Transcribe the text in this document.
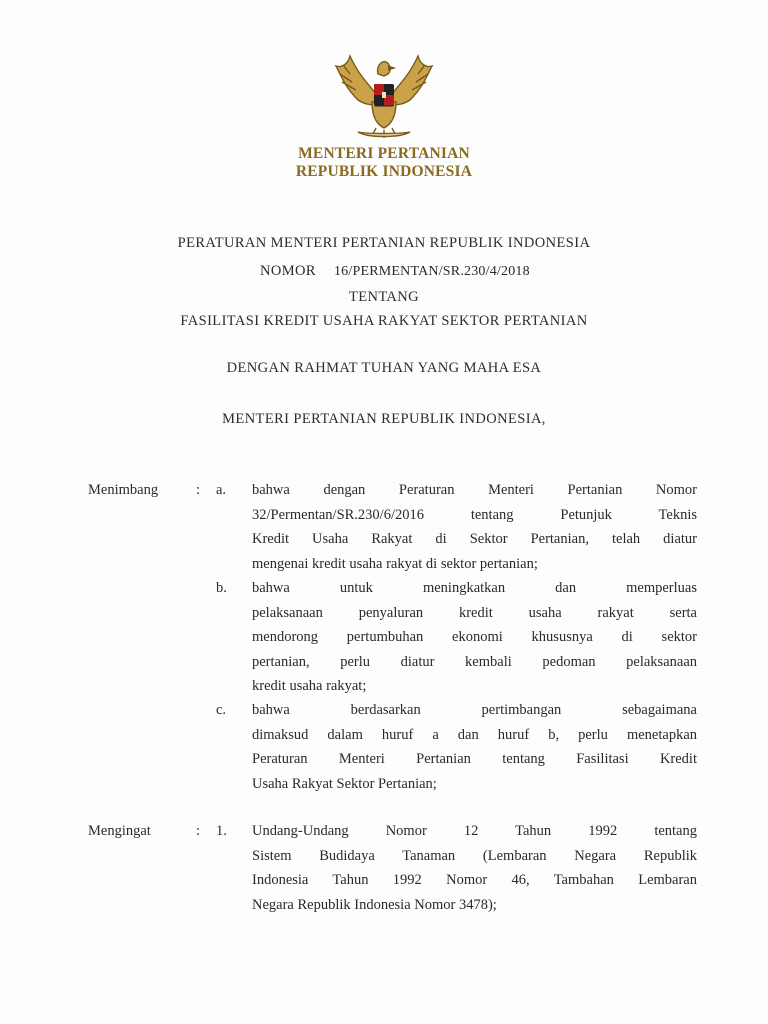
MENTERI PERTANIAN
REPUBLIK INDONESIA
PERATURAN MENTERI PERTANIAN REPUBLIK INDONESIA
NOMOR 16/PERMENTAN/SR.230/4/2018
TENTANG
FASILITASI KREDIT USAHA RAKYAT SEKTOR PERTANIAN
DENGAN RAHMAT TUHAN YANG MAHA ESA
MENTERI PERTANIAN REPUBLIK INDONESIA,
Menimbang	: a. bahwa dengan Peraturan Menteri Pertanian Nomor
32/Permentan/SR.230/6/2016 tentang Petunjuk Teknis
Kredit Usaha Rakyat di Sektor Pertanian, telah diatur
mengenai kredit usaha rakyat di sektor pertanian;
b. bahwa untuk meningkatkan dan memperluas
pelaksanaan penyaluran kredit usaha rakyat serta
mendorong pertumbuhan ekonomi khususnya di sektor
pertanian, perlu diatur kembali pedoman pelaksanaan
kredit usaha rakyat;
c. bahwa berdasarkan pertimbangan sebagaimana
dimaksud dalam huruf a dan huruf b, perlu menetapkan
Peraturan Menteri Pertanian tentang Fasilitasi Kredit
Usaha Rakyat Sektor Pertanian;
Mengingat	: 1. Undang-Undang Nomor 12 Tahun 1992 tentang
Sistem Budidaya Tanaman (Lembaran Negara Republik
Indonesia Tahun 1992 Nomor 46, Tambahan Lembaran
Negara Republik Indonesia Nomor 3478);
